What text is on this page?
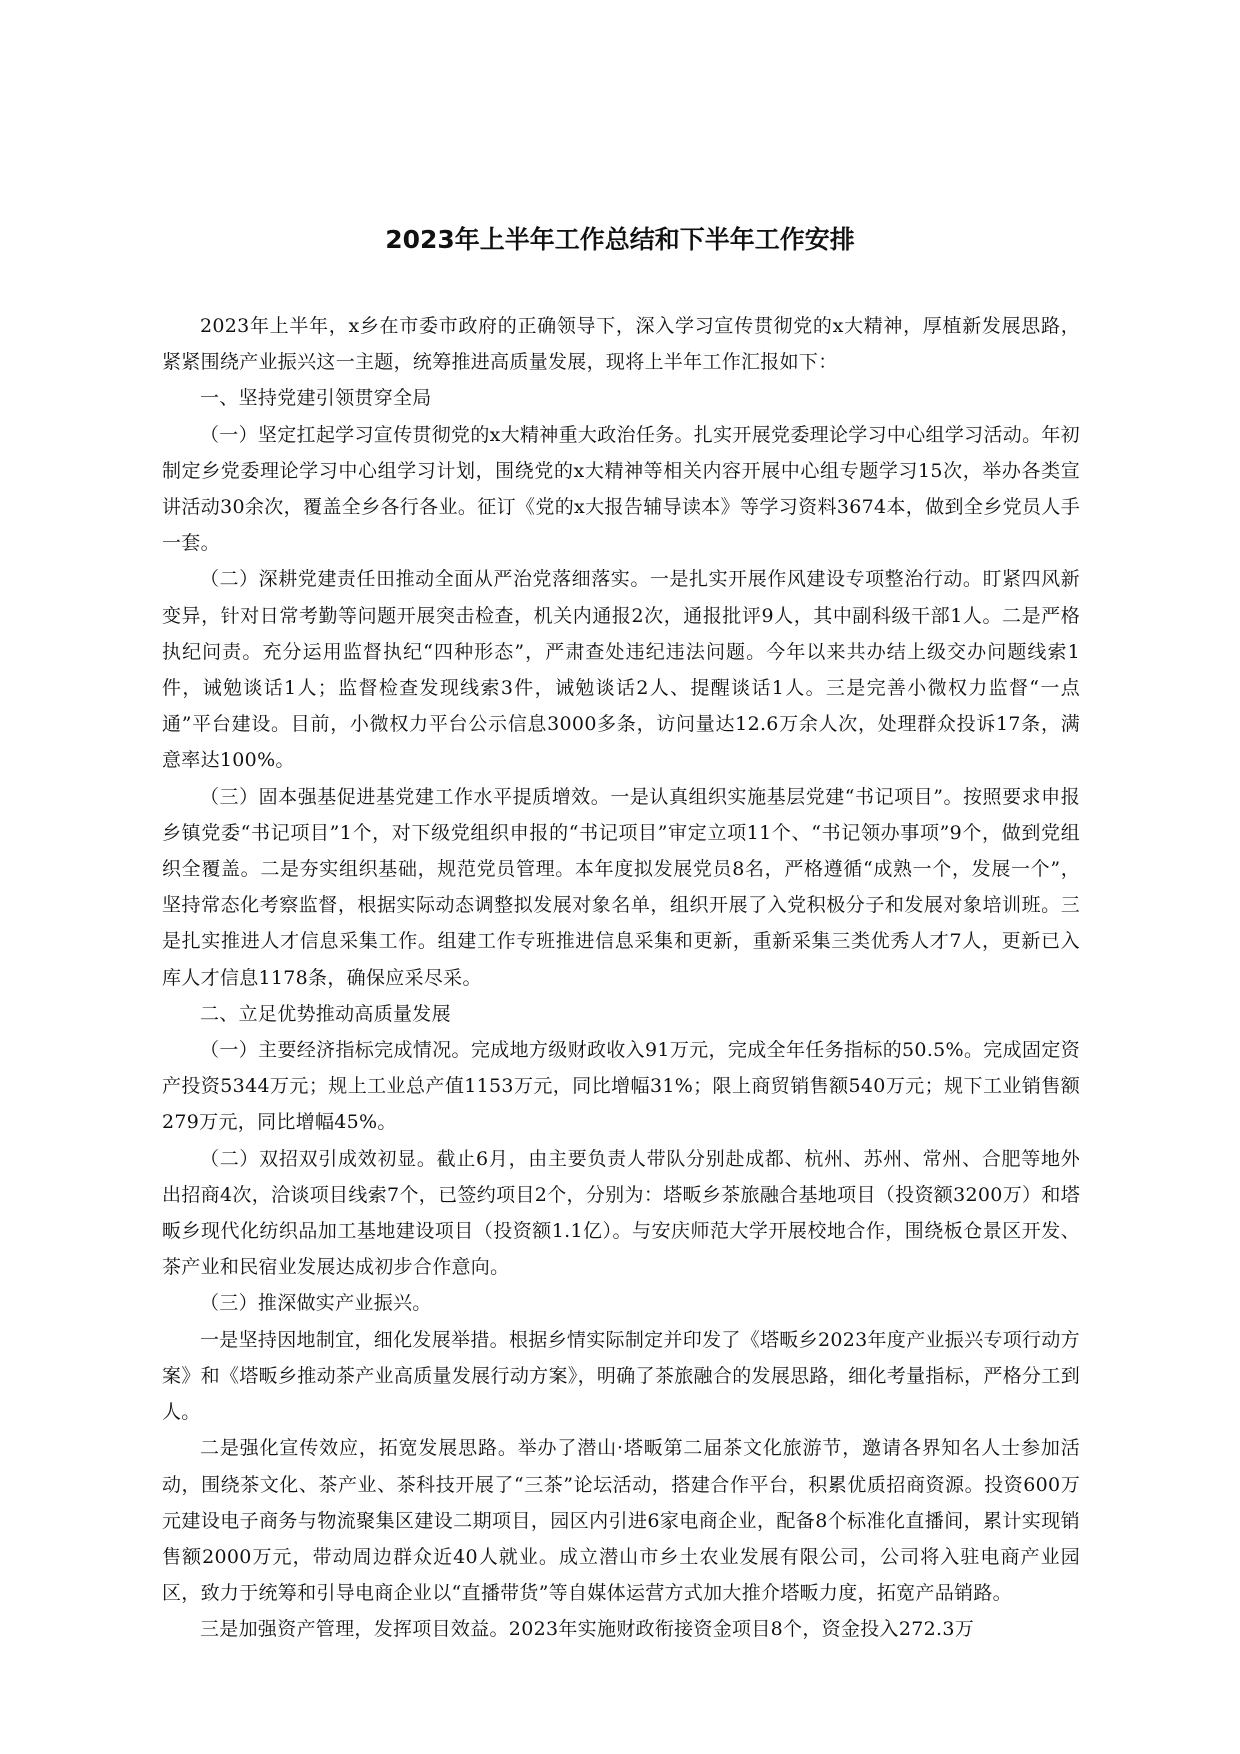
2023年上半年工作总结和下半年工作安排

2023年上半年，x乡在市委市政府的正确领导下，深入学习宣传贯彻党的x大精神，厚植新发展思路，紧紧围绕产业振兴这一主题，统筹推进高质量发展，现将上半年工作汇报如下：

一、坚持党建引领贯穿全局

（一）坚定扛起学习宣传贯彻党的x大精神重大政治任务。扎实开展党委理论学习中心组学习活动。年初制定乡党委理论学习中心组学习计划，围绕党的x大精神等相关内容开展中心组专题学习15次，举办各类宣讲活动30余次，覆盖全乡各行各业。征订《党的x大报告辅导读本》等学习资料3674本，做到全乡党员人手一套。

（二）深耕党建责任田推动全面从严治党落细落实。一是扎实开展作风建设专项整治行动。盯紧四风新变异，针对日常考勤等问题开展突击检查，机关内通报2次，通报批评9人，其中副科级干部1人。二是严格执纪问责。充分运用监督执纪“四种形态”，严肃查处违纪违法问题。今年以来共办结上级交办问题线索1件，诫勉谈话1人；监督检查发现线索3件，诫勉谈话2人、提醒谈话1人。三是完善小微权力监督“一点通”平台建设。目前，小微权力平台公示信息3000多条，访问量达12.6万余人次，处理群众投诉17条，满意率达100%。

（三）固本强基促进基党建工作水平提质增效。一是认真组织实施基层党建“书记项目”。按照要求申报乡镇党委“书记项目”1个，对下级党组织申报的“书记项目”审定立项11个、“书记领办事项”9个，做到党组织全覆盖。二是夯实组织基础，规范党员管理。本年度拟发展党员8名，严格遵循“成熟一个，发展一个”，坚持常态化考察监督，根据实际动态调整拟发展对象名单，组织开展了入党积极分子和发展对象培训班。三是扎实推进人才信息采集工作。组建工作专班推进信息采集和更新，重新采集三类优秀人才7人，更新已入库人才信息1178条，确保应采尽采。

二、立足优势推动高质量发展

（一）主要经济指标完成情况。完成地方级财政收入91万元，完成全年任务指标的50.5%。完成固定资产投资5344万元；规上工业总产值1153万元，同比增幅31%；限上商贸销售额540万元；规下工业销售额279万元，同比增幅45%。

（二）双招双引成效初显。截止6月，由主要负责人带队分别赴成都、杭州、苏州、常州、合肥等地外出招商4次，洽谈项目线索7个，已签约项目2个，分别为：塔畈乡茶旅融合基地项目（投资额3200万）和塔畈乡现代化纺织品加工基地建设项目（投资额1.1亿）。与安庆师范大学开展校地合作，围绕板仓景区开发、茶产业和民宿业发展达成初步合作意向。

（三）推深做实产业振兴。

一是坚持因地制宜，细化发展举措。根据乡情实际制定并印发了《塔畈乡2023年度产业振兴专项行动方案》和《塔畈乡推动茶产业高质量发展行动方案》，明确了茶旅融合的发展思路，细化考量指标，严格分工到人。

二是强化宣传效应，拓宽发展思路。举办了潜山·塔畈第二届茶文化旅游节，邀请各界知名人士参加活动，围绕茶文化、茶产业、茶科技开展了“三茶”论坛活动，搭建合作平台，积累优质招商资源。投资600万元建设电子商务与物流聚集区建设二期项目，园区内引进6家电商企业，配备8个标准化直播间，累计实现销售额2000万元，带动周边群众近40人就业。成立潜山市乡土农业发展有限公司，公司将入驻电商产业园区，致力于统筹和引导电商企业以“直播带货”等自媒体运营方式加大推介塔畈力度，拓宽产品销路。

三是加强资产管理，发挥项目效益。2023年实施财政衔接资金项目8个，资金投入272.3万
